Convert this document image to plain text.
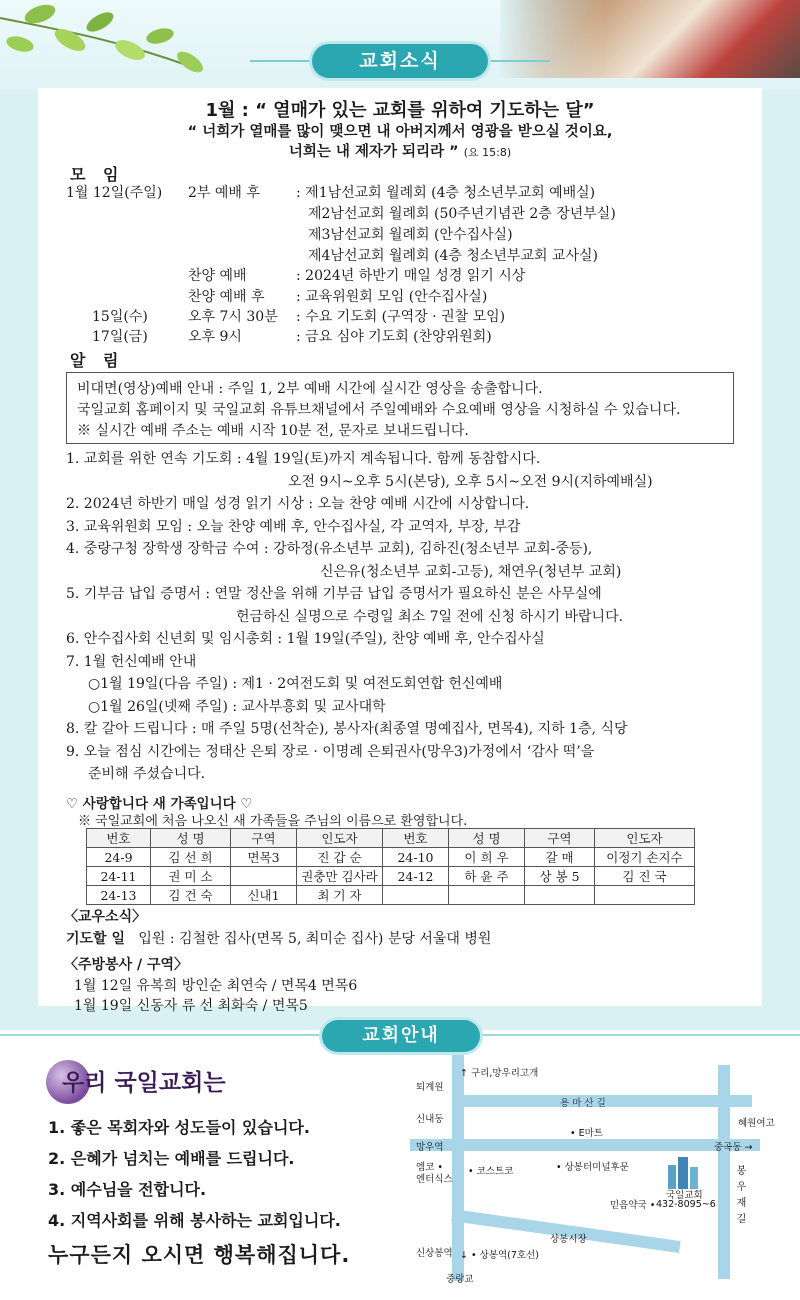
교회소식
1월 : “ 열매가 있는 교회를 위하여 기도하는 달”
“ 너희가 열매를 많이 맺으면 내 아버지께서 영광을 받으실 것이요,
너희는 내 제자가 되리라 ” (요 15:8)
모 임
1월 12일(주일) 2부 예배 후	: 제1남선교회 월례회 (4층 청소년부교회 예배실)
제2남선교회 월례회 (50주년기념관 2층 장년부실)
제3남선교회 월례회 (안수집사실)
제4남선교회 월례회 (4층 청소년부교회 교사실)
찬양 예배	: 2024년 하반기 매일 성경 읽기 시상
찬양 예배 후 : 교육위원회 모임 (안수집사실)
15일(수)	오후 7시 30분 : 수요 기도회 (구역장 · 권찰 모임)
17일(금)	오후 9시	: 금요 심야 기도회 (찬양위원회)
알 림
비대면(영상)예배 안내 : 주일 1, 2부 예배 시간에 실시간 영상을 송출합니다.
국일교회 홈페이지 및 국일교회 유튜브채널에서 주일예배와 수요예배 영상을 시청하실 수 있습니다.
※ 실시간 예배 주소는 예배 시작 10분 전, 문자로 보내드립니다.
1. 교회를 위한 연속 기도회 : 4월 19일(토)까지 계속됩니다. 함께 동참합시다.
오전 9시~오후 5시(본당), 오후 5시~오전 9시(지하예배실)
2. 2024년 하반기 매일 성경 읽기 시상 : 오늘 찬양 예배 시간에 시상합니다.
3. 교육위원회 모임 : 오늘 찬양 예배 후, 안수집사실, 각 교역자, 부장, 부감
4. 중랑구청 장학생 장학금 수여 : 강하정(유소년부 교회), 김하진(청소년부 교회-중등),
신은유(청소년부 교회-고등), 채연우(청년부 교회)
5. 기부금 납입 증명서 : 연말 정산을 위해 기부금 납입 증명서가 필요하신 분은 사무실에
헌금하신 실명으로 수령일 최소 7일 전에 신청 하시기 바랍니다.
6. 안수집사회 신년회 및 임시총회 : 1월 19일(주일), 찬양 예배 후, 안수집사실
7. 1월 헌신예배 안내
○1월 19일(다음 주일) : 제1 · 2여전도회 및 여전도회연합 헌신예배
○1월 26일(넷째 주일) : 교사부흥회 및 교사대학
8. 칼 갈아 드립니다 : 매 주일 5명(선착순), 봉사자(최종열 명예집사, 면목4), 지하 1층, 식당
9. 오늘 점심 시간에는 정태산 은퇴 장로 · 이명례 은퇴권사(망우3)가정에서 ‘감사 떡’을
준비해 주셨습니다.
♡ 사랑합니다 새 가족입니다 ♡
※ 국일교회에 처음 나오신 새 가족들을 주님의 이름으로 환영합니다.
번호	성 명	구역	인도자	번호	성 명	구역	인도자
24-9	김 선 희	면목3	진 갑 순	24-10	이 희 우	갈 매	이정기 손지수
24-11	권 미 소		권충만 김사라	24-12	하 윤 주	상 봉 5	김 진 국
24-13	김 건 숙	신내1	최 기 자				
〈교우소식〉
기도할 일 입원 : 김철한 집사(면목 5, 최미순 집사) 분당 서울대 병원
〈주방봉사 / 구역〉
1월 12일 유복희 방인순 최연숙 / 면목4 면목6
1월 19일 신동자 류 선 최화숙 / 면목5
교회안내
우리 국일교회는
1. 좋은 목회자와 성도들이 있습니다.
2. 은혜가 넘치는 예배를 드립니다.
3. 예수님을 전합니다.
4. 지역사회를 위해 봉사하는 교회입니다.
누구든지 오시면 행복해집니다.
↑ 구리,망우리고개
퇴계원
용 마 산 길
신내동	혜원여고
• E마트
망우역	중곡동 →
엠코 •
엔터식스
• 코스트코	• 상봉터미널후문
믿음약국 •
국일교회
432-8095~6 봉우재길
상봉시장
신상봉역 ↓ • 상봉역(7호선)
중랑교
